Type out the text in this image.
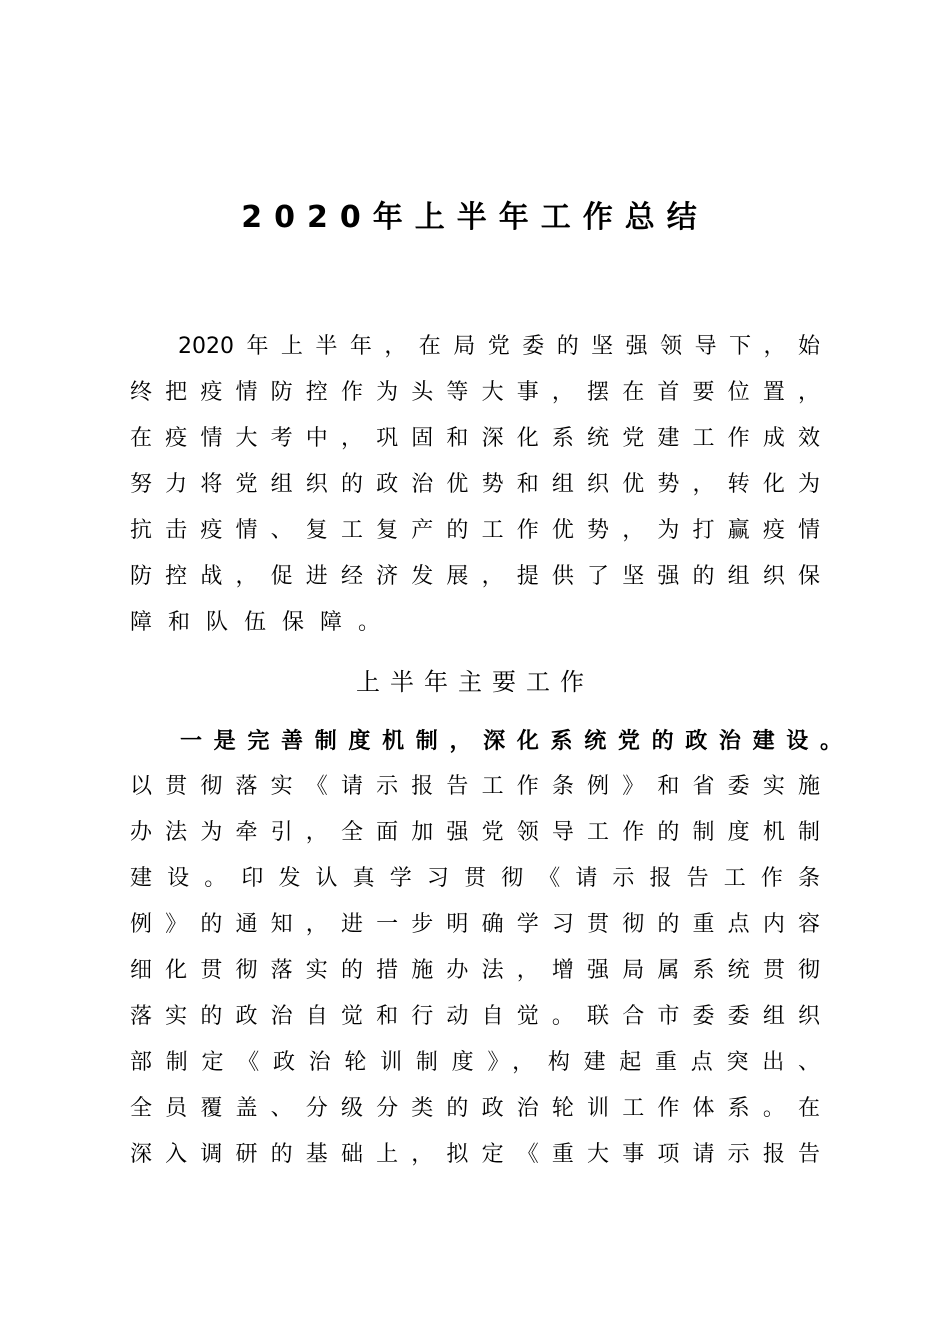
2020年上半年工作总结
2020年上半年，在局党委的坚强领导下，始
终把疫情防控作为头等大事，摆在首要位置，
在疫情大考中，巩固和深化系统党建工作成效
努力将党组织的政治优势和组织优势，转化为
抗击疫情、复工复产的工作优势，为打赢疫情
防控战，促进经济发展，提供了坚强的组织保
障和队伍保障。
上半年主要工作
一是完善制度机制，深化系统党的政治建设。
以贯彻落实《请示报告工作条例》和省委实施
办法为牵引，全面加强党领导工作的制度机制
建设。印发认真学习贯彻《请示报告工作条
例》的通知，进一步明确学习贯彻的重点内容
细化贯彻落实的措施办法，增强局属系统贯彻
落实的政治自觉和行动自觉。联合市委委组织
部制定《政治轮训制度》，构建起重点突出、
全员覆盖、分级分类的政治轮训工作体系。在
深入调研的基础上，拟定《重大事项请示报告
